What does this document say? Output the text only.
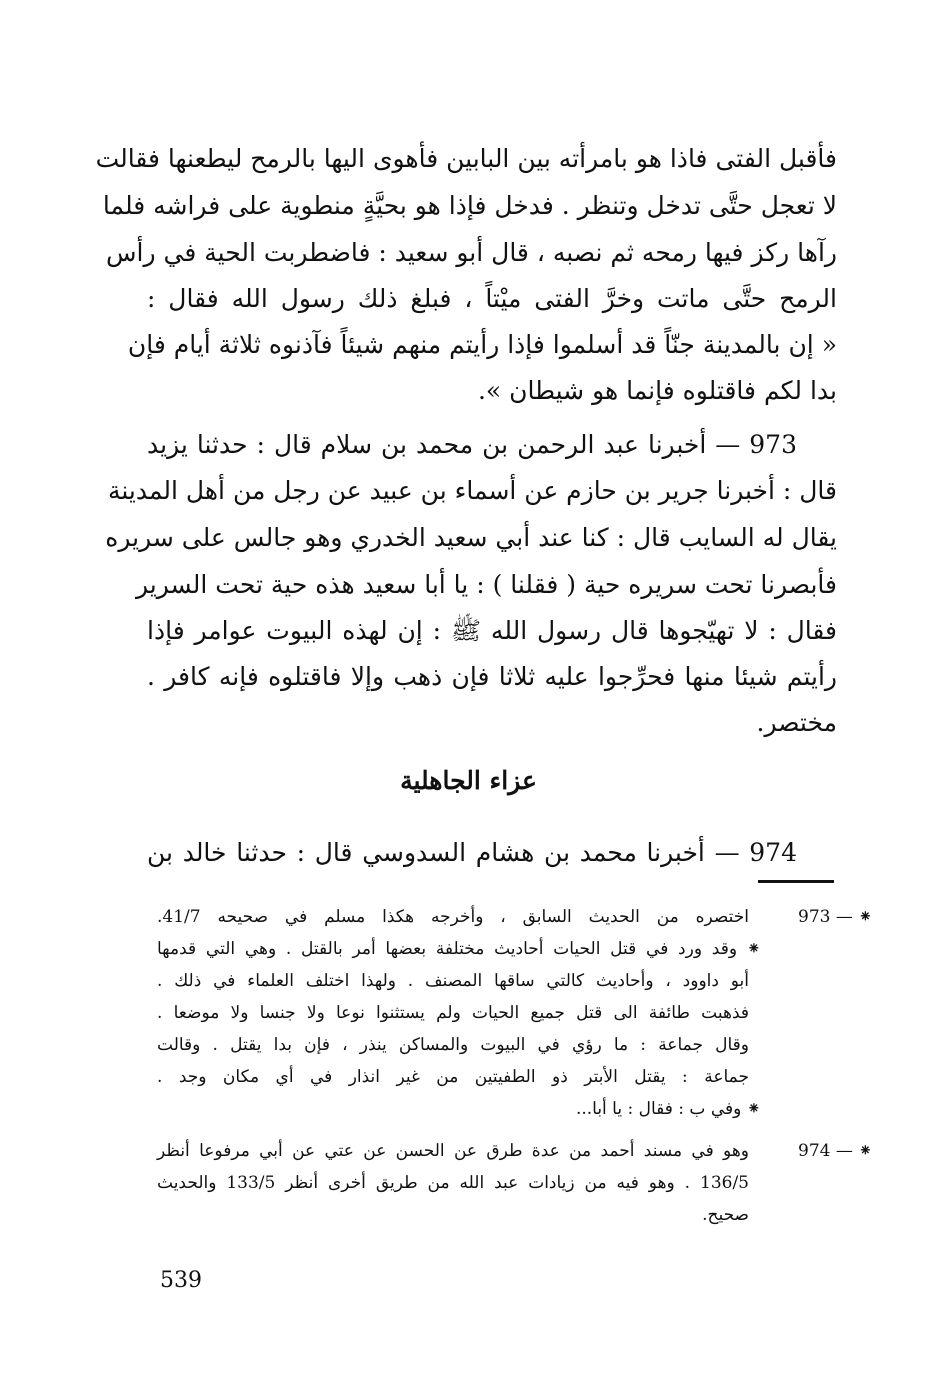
فأقبل الفتى فاذا هو بامرأته بين البابين فأهوى اليها بالرمح ليطعنها فقالت
لا تعجل حتَّى تدخل وتنظر . فدخل فإذا هو بحيَّةٍ منطوية على فراشه فلما
رآها ركز فيها رمحه ثم نصبه ، قال أبو سعيد : فاضطربت الحية في رأس
الرمح حتَّى ماتت وخرَّ الفتى ميْتاً ، فبلغ ذلك رسول الله فقال :
« إن بالمدينة جنّاً قد أسلموا فإذا رأيتم منهم شيئاً فآذنوه ثلاثة أيام فإن
بدا لكم فاقتلوه فإنما هو شيطان ».
973 — أخبرنا عبد الرحمن بن محمد بن سلام قال : حدثنا يزيد
قال : أخبرنا جرير بن حازم عن أسماء بن عبيد عن رجل من أهل المدينة
يقال له السايب قال : كنا عند أبي سعيد الخدري وهو جالس على سريره
فأبصرنا تحت سريره حية ( فقلنا ) : يا أبا سعيد هذه حية تحت السرير
فقال : لا تهيّجوها قال رسول الله ﷺ : إن لهذه البيوت عوامر فإذا
رأيتم شيئا منها فحرِّجوا عليه ثلاثا فإن ذهب وإلا فاقتلوه فإنه كافر .
مختصر.
عزاء الجاهلية
974 — أخبرنا محمد بن هشام السدوسي قال : حدثنا خالد بن
973 — ⁕
اختصره من الحديث السابق ، وأخرجه هكذا مسلم في صحيحه 41/7.
⁕ وقد ورد في قتل الحيات أحاديث مختلفة بعضها أمر بالقتل . وهي التي قدمها
أبو داوود ، وأحاديث كالتي ساقها المصنف . ولهذا اختلف العلماء في ذلك .
فذهبت طائفة الى قتل جميع الحيات ولم يستثنوا نوعا ولا جنسا ولا موضعا .
وقال جماعة : ما رؤي في البيوت والمساكن ينذر ، فإن بدا يقتل . وقالت
جماعة : يقتل الأبتر ذو الطفيتين من غير انذار في أي مكان وجد .
⁕ وفي ب : فقال : يا أبا...
974 — ⁕
وهو في مسند أحمد من عدة طرق عن الحسن عن عتي عن أبي مرفوعا أنظر
136/5 . وهو فيه من زيادات عبد الله من طريق أخرى أنظر 133/5 والحديث
صحيح.
539
